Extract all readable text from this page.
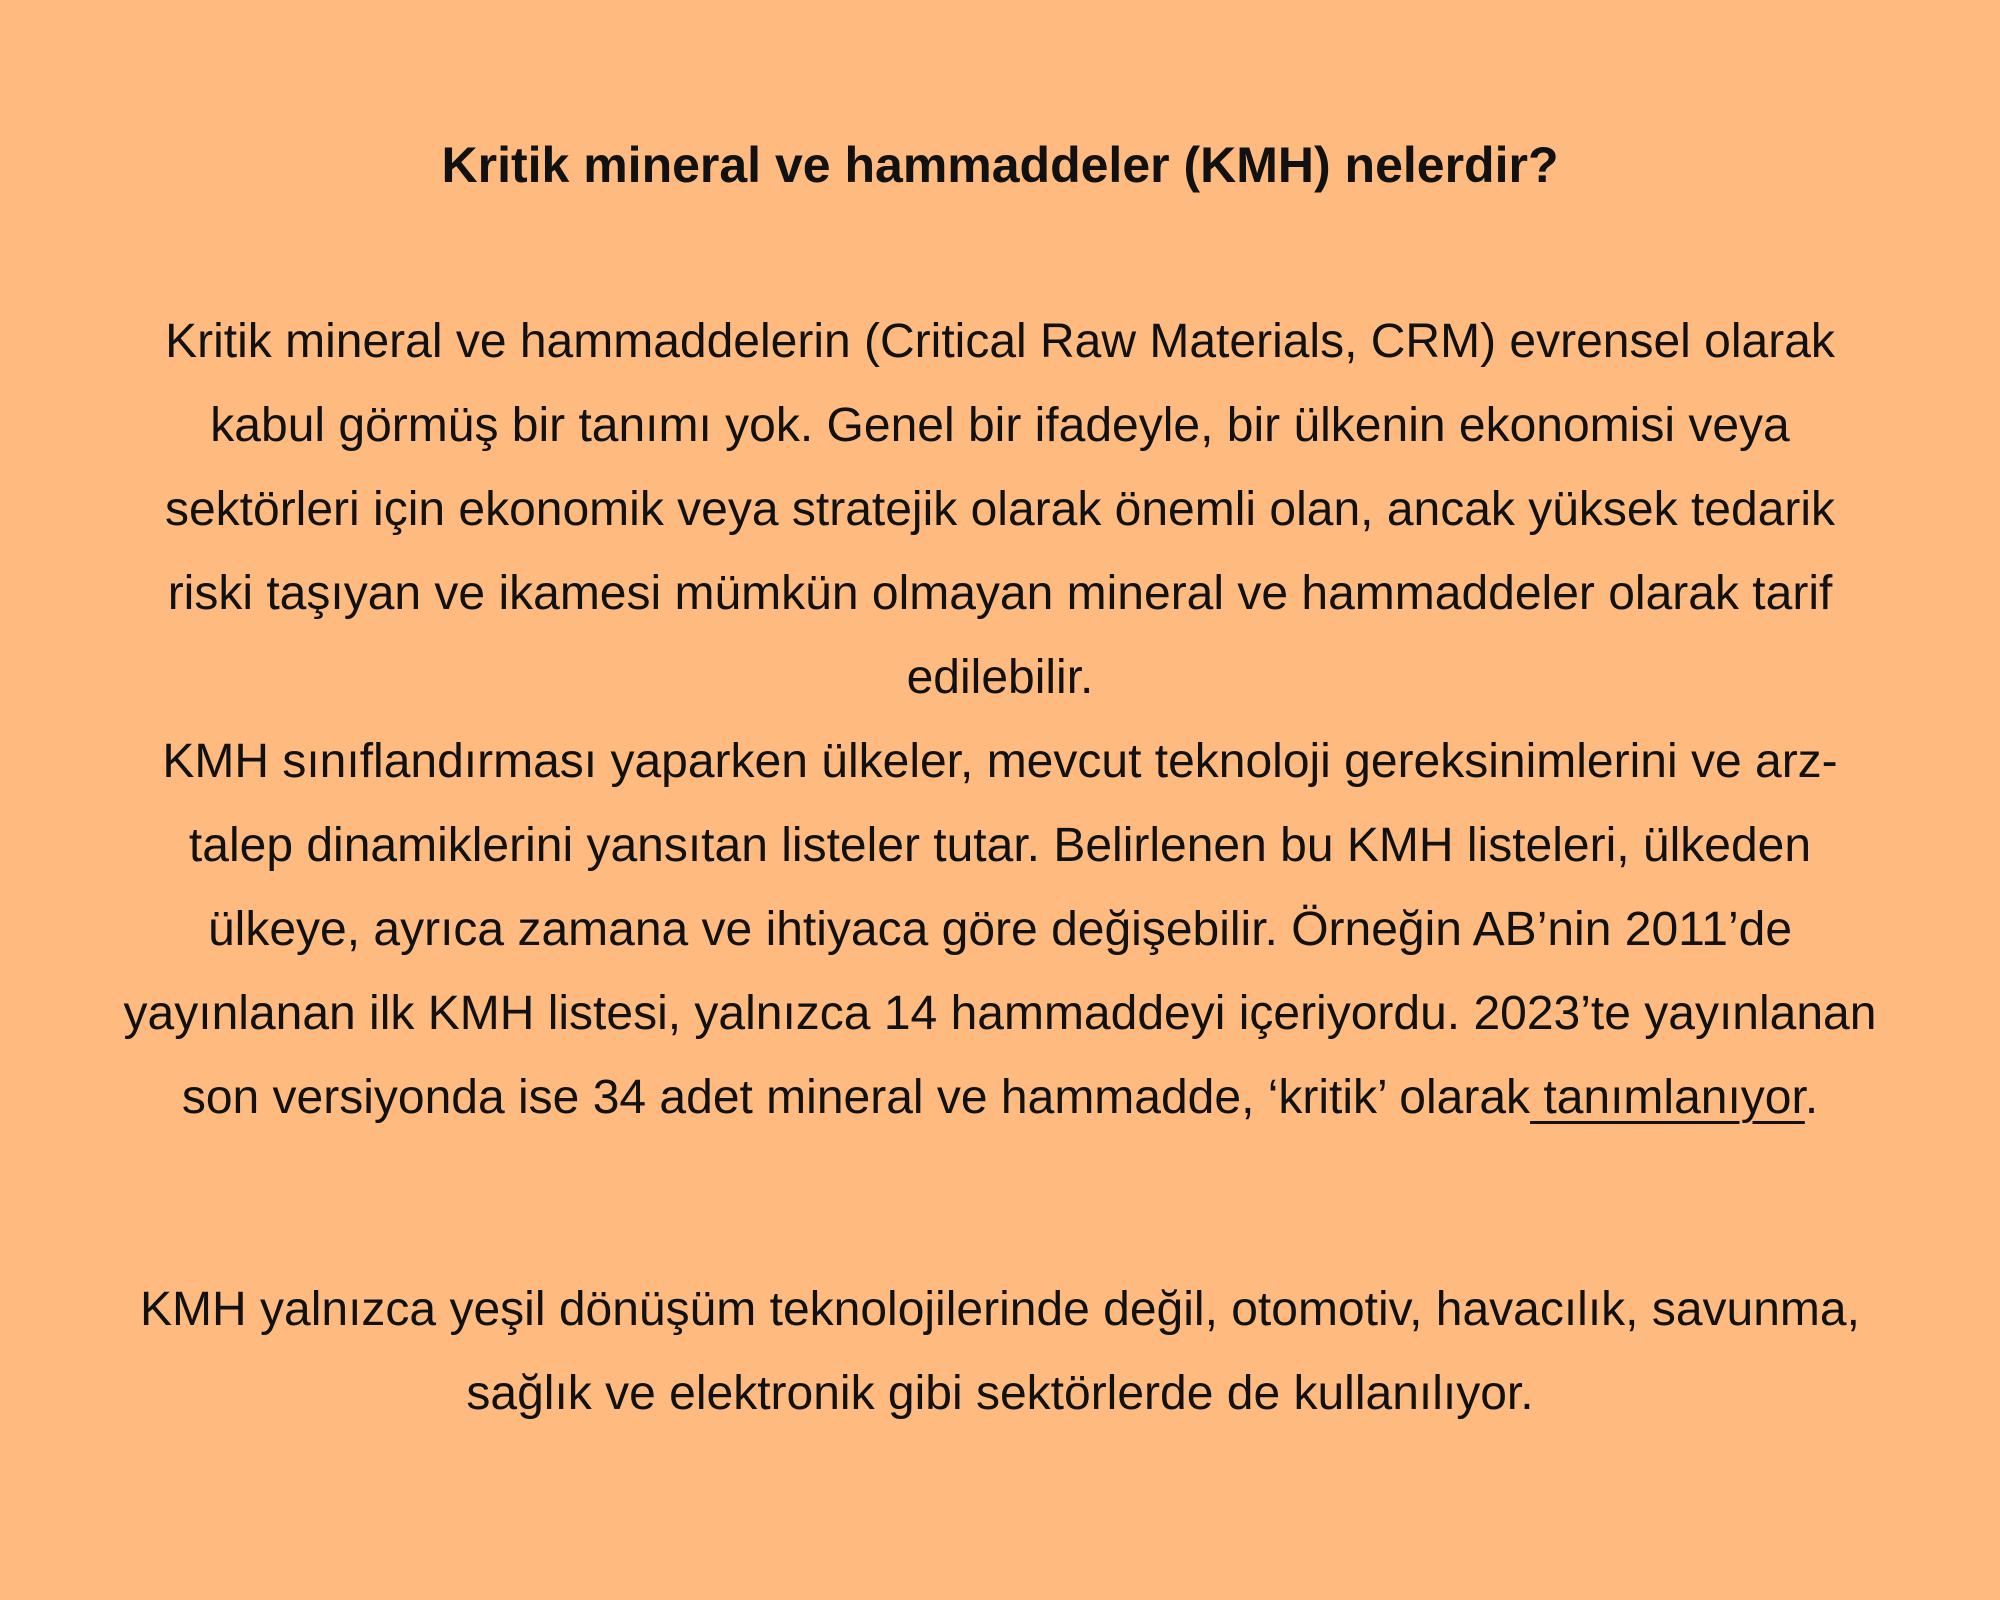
Kritik mineral ve hammaddeler (KMH) nelerdir?

Kritik mineral ve hammaddelerin (Critical Raw Materials, CRM) evrensel olarak
kabul görmüş bir tanımı yok. Genel bir ifadeyle, bir ülkenin ekonomisi veya
sektörleri için ekonomik veya stratejik olarak önemli olan, ancak yüksek tedarik
riski taşıyan ve ikamesi mümkün olmayan mineral ve hammaddeler olarak tarif
edilebilir.

KMH sınıflandırması yaparken ülkeler, mevcut teknoloji gereksinimlerini ve arz-
talep dinamiklerini yansıtan listeler tutar. Belirlenen bu KMH listeleri, ülkeden
ülkeye, ayrıca zamana ve ihtiyaca göre değişebilir. Örneğin AB’nin 2011’de
yayınlanan ilk KMH listesi, yalnızca 14 hammaddeyi içeriyordu. 2023’te yayınlanan
son versiyonda ise 34 adet mineral ve hammadde, ‘kritik’ olarak tanımlanıyor.

KMH yalnızca yeşil dönüşüm teknolojilerinde değil, otomotiv, havacılık, savunma,
sağlık ve elektronik gibi sektörlerde de kullanılıyor.
